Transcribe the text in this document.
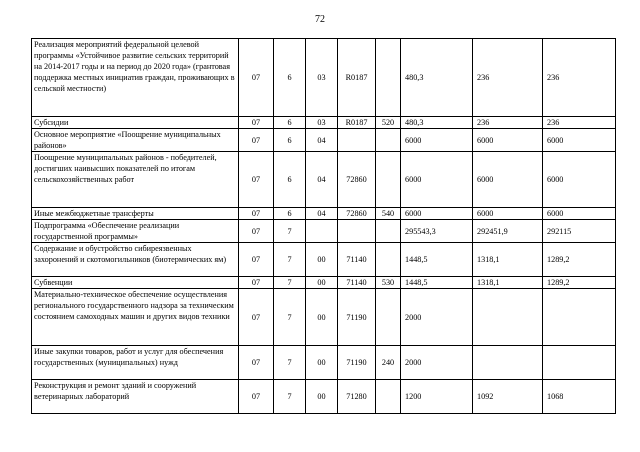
72
Реализация мероприятий федеральной целевой программы «Устойчивое развитие сельских территорий на 2014-2017 годы и на период до 2020 года» (грантовая поддержка местных инициатив граждан, проживающих в сельской местности)	07	6	03	R0187		480,3	236	236
Субсидии	07	6	03	R0187	520	480,3	236	236
Основное мероприятие «Поощрение муниципальных районов»	07	6	04			6000	6000	6000
Поощрение муниципальных районов - победителей, достигших наивысших показателей по итогам сельскохозяйственных работ	07	6	04	72860		6000	6000	6000
Иные межбюджетные трансферты	07	6	04	72860	540	6000	6000	6000
Подпрограмма «Обеспечение реализации государственной программы»	07	7				295543,3	292451,9	292115
Содержание и обустройство сибиреязвенных захоронений и скотомогильников (биотермических ям)	07	7	00	71140		1448,5	1318,1	1289,2
Субвенции	07	7	00	71140	530	1448,5	1318,1	1289,2
Материально-техническое обеспечение осуществления регионального государственного надзора за техническим состоянием самоходных машин и других видов техники	07	7	00	71190		2000		
Иные закупки товаров, работ и услуг для обеспечения государственных (муниципальных) нужд	07	7	00	71190	240	2000		
Реконструкция и ремонт зданий и сооружений ветеринарных лабораторий	07	7	00	71280		1200	1092	1068
